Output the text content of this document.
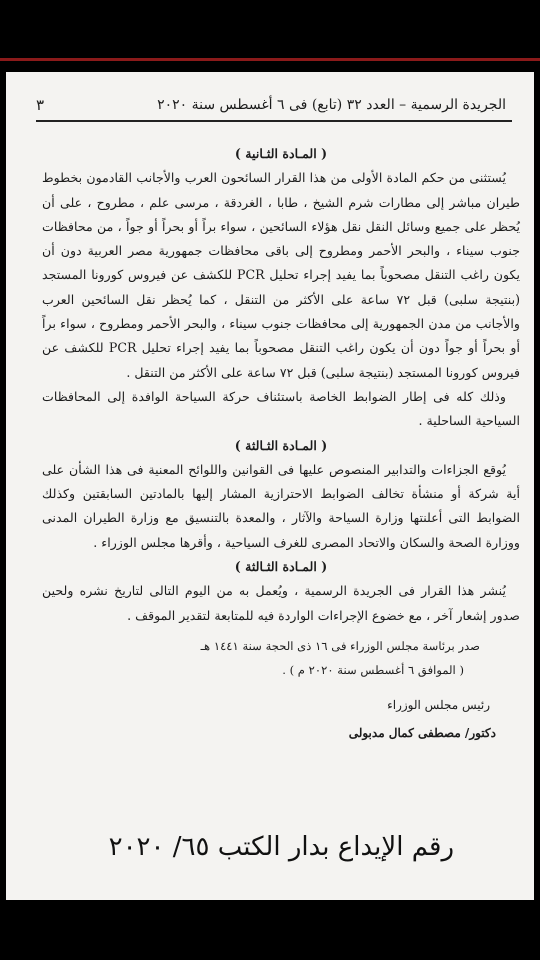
الجريدة الرسمية – العدد ٣٢ (تابع) فى ٦ أغسطس سنة ٢٠٢٠
٣

( المـادة الثـانية )

يُستثنى من حكم المادة الأولى من هذا القرار السائحون العرب والأجانب القادمون بخطوط طيران مباشر إلى مطارات شرم الشيخ ، طابا ، الغردقة ، مرسى علم ، مطروح ، على أن يُحظر على جميع وسائل النقل نقل هؤلاء السائحين ، سواء براً أو بحراً أو جواً ، من محافظات جنوب سيناء ، والبحر الأحمر ومطروح إلى باقى محافظات جمهورية مصر العربية دون أن يكون راغب التنقل مصحوباً بما يفيد إجراء تحليل PCR للكشف عن فيروس كورونا المستجد (بنتيجة سلبى) قبل ٧٢ ساعة على الأكثر من التنقل ، كما يُحظر نقل السائحين العرب والأجانب من مدن الجمهورية إلى محافظات جنوب سيناء ، والبحر الأحمر ومطروح ، سواء براً أو بحراً أو جواً دون أن يكون راغب التنقل مصحوباً بما يفيد إجراء تحليل PCR للكشف عن فيروس كورونا المستجد (بنتيجة سلبى) قبل ٧٢ ساعة على الأكثر من التنقل .

وذلك كله فى إطار الضوابط الخاصة باستئناف حركة السياحة الوافدة إلى المحافظات السياحية الساحلية .

( المـادة الثـالثة )

يُوقع الجزاءات والتدابير المنصوص عليها فى القوانين واللوائح المعنية فى هذا الشأن على أية شركة أو منشأة تخالف الضوابط الاحترازية المشار إليها بالمادتين السابقتين وكذلك الضوابط التى أعلنتها وزارة السياحة والآثار ، والمعدة بالتنسيق مع وزارة الطيران المدنى ووزارة الصحة والسكان والاتحاد المصرى للغرف السياحية ، وأقرها مجلس الوزراء .

( المـادة الثـالثة )

يُنشر هذا القرار فى الجريدة الرسمية ، ويُعمل به من اليوم التالى لتاريخ نشره ولحين صدور إشعار آخر ، مع خضوع الإجراءات الواردة فيه للمتابعة لتقدير الموقف .

صدر برئاسة مجلس الوزراء فى ١٦ ذى الحجة سنة ١٤٤١ هـ

( الموافق ٦ أغسطس سنة ٢٠٢٠ م ) .

رئيس مجلس الوزراء

دكتور/ مصطفى كمال مدبولى

رقم الإيداع بدار الكتب ٦٥/ ٢٠٢٠
